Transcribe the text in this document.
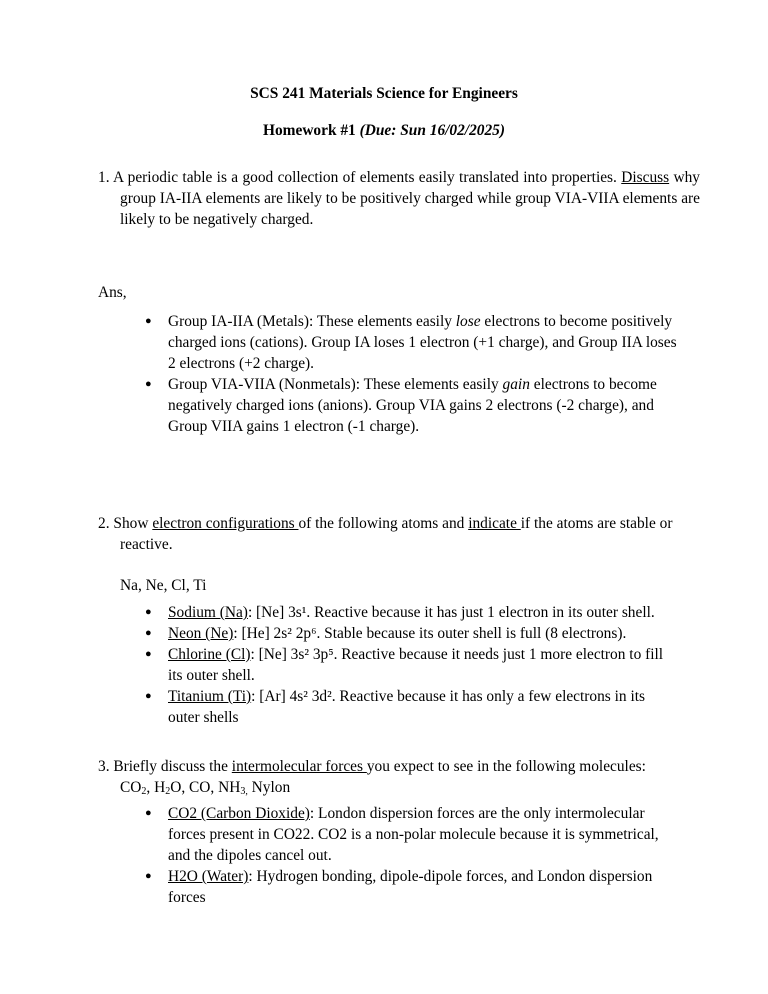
SCS 241 Materials Science for Engineers
Homework #1 (Due: Sun 16/02/2025)
1. A periodic table is a good collection of elements easily translated into properties. Discuss why group IA-IIA elements are likely to be positively charged while group VIA-VIIA elements are likely to be negatively charged.
Ans,
● Group IA-IIA (Metals): These elements easily lose electrons to become positively charged ions (cations). Group IA loses 1 electron (+1 charge), and Group IIA loses 2 electrons (+2 charge).
● Group VIA-VIIA (Nonmetals): These elements easily gain electrons to become negatively charged ions (anions). Group VIA gains 2 electrons (-2 charge), and Group VIIA gains 1 electron (-1 charge).
2. Show electron configurations of the following atoms and indicate if the atoms are stable or reactive.
Na, Ne, Cl, Ti
● Sodium (Na): [Ne] 3s¹. Reactive because it has just 1 electron in its outer shell.
● Neon (Ne): [He] 2s² 2p⁶. Stable because its outer shell is full (8 electrons).
● Chlorine (Cl): [Ne] 3s² 3p⁵. Reactive because it needs just 1 more electron to fill its outer shell.
● Titanium (Ti): [Ar] 4s² 3d². Reactive because it has only a few electrons in its outer shells
3. Briefly discuss the intermolecular forces you expect to see in the following molecules:
$CO_2$, $H_2O$, CO, $NH_{3,}$ Nylon
● CO2 (Carbon Dioxide): London dispersion forces are the only intermolecular forces present in CO22. CO2 is a non-polar molecule because it is symmetrical, and the dipoles cancel out.
● H2O (Water): Hydrogen bonding, dipole-dipole forces, and London dispersion forces
